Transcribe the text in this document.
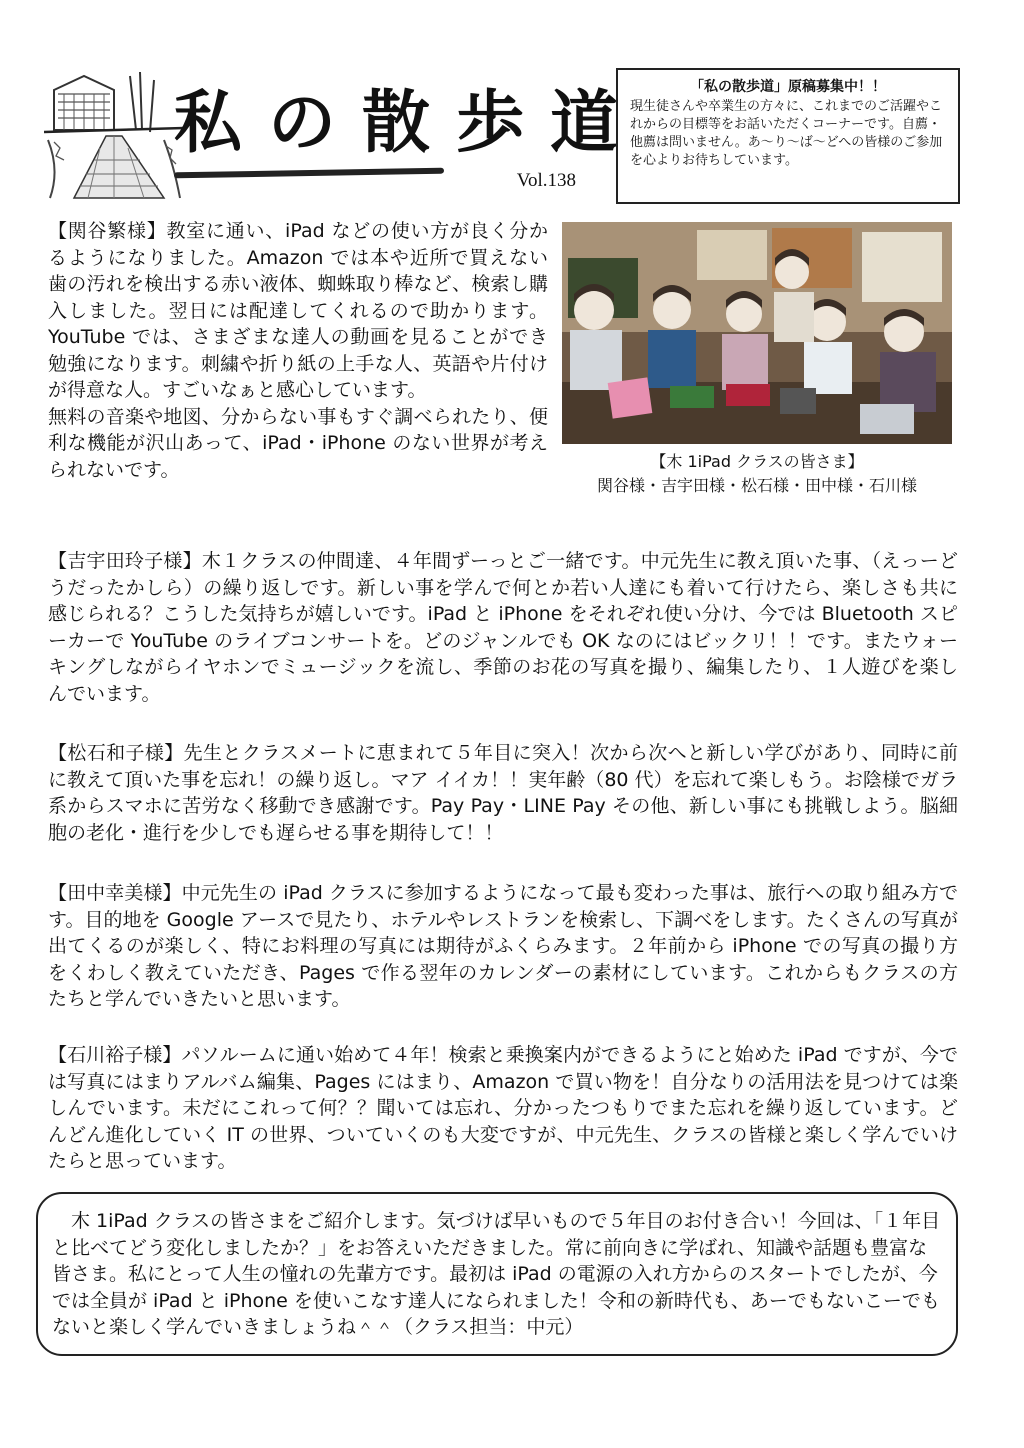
私の散歩道
Vol.138
「私の散歩道」原稿募集中！！
現生徒さんや卒業生の方々に、これまでのご活躍やこれからの目標等をお話いただくコーナーです。自薦・他薦は問いません。あ～り～ば～どへの皆様のご参加を心よりお待ちしています。
【関谷繁様】教室に通い、iPad などの使い方が良く分かるようになりました。Amazon では本や近所で買えない歯の汚れを検出する赤い液体、蜘蛛取り棒など、検索し購入しました。翌日には配達してくれるので助かります。YouTube では、さまざまな達人の動画を見ることができ勉強になります。刺繍や折り紙の上手な人、英語や片付けが得意な人。すごいなぁと感心しています。
無料の音楽や地図、分からない事もすぐ調べられたり、便利な機能が沢山あって、iPad・iPhone のない世界が考えられないです。	【木 1iPad クラスの皆さま】
関谷様・吉宇田様・松石様・田中様・石川様

【吉宇田玲子様】木１クラスの仲間達、４年間ずーっとご一緒です。中元先生に教え頂いた事、（えっーどうだったかしら）の繰り返しです。新しい事を学んで何とか若い人達にも着いて行けたら、楽しさも共に感じられる？こうした気持ちが嬉しいです。iPad と iPhone をそれぞれ使い分け、今では Bluetooth スピーカーで YouTube のライブコンサートを。どのジャンルでも OK なのにはビックリ！！です。またウォーキングしながらイヤホンでミュージックを流し、季節のお花の写真を撮り、編集したり、１人遊びを楽しんでいます。

【松石和子様】先生とクラスメートに恵まれて５年目に突入！次から次へと新しい学びがあり、同時に前に教えて頂いた事を忘れ！の繰り返し。マア イイカ！！実年齢（80 代）を忘れて楽しもう。お陰様でガラ系からスマホに苦労なく移動でき感謝です。Pay Pay・LINE Pay その他、新しい事にも挑戦しよう。脳細胞の老化・進行を少しでも遅らせる事を期待して！！

【田中幸美様】中元先生の iPad クラスに参加するようになって最も変わった事は、旅行への取り組み方です。目的地を Google アースで見たり、ホテルやレストランを検索し、下調べをします。たくさんの写真が出てくるのが楽しく、特にお料理の写真には期待がふくらみます。２年前から iPhone での写真の撮り方をくわしく教えていただき、Pages で作る翌年のカレンダーの素材にしています。これからもクラスの方たちと学んでいきたいと思います。

【石川裕子様】パソルームに通い始めて４年！検索と乗換案内ができるようにと始めた iPad ですが、今では写真にはまりアルバム編集、Pages にはまり、Amazon で買い物を！自分なりの活用法を見つけては楽しんでいます。未だにこれって何？？聞いては忘れ、分かったつもりでまた忘れを繰り返しています。どんどん進化していく IT の世界、ついていくのも大変ですが、中元先生、クラスの皆様と楽しく学んでいけたらと思っています。

木 1iPad クラスの皆さまをご紹介します。気づけば早いもので５年目のお付き合い！今回は、「１年目と比べてどう変化しましたか？」をお答えいただきました。常に前向きに学ばれ、知識や話題も豊富な皆さま。私にとって人生の憧れの先輩方です。最初は iPad の電源の入れ方からのスタートでしたが、今では全員が iPad と iPhone を使いこなす達人になられました！令和の新時代も、あーでもないこーでもないと楽しく学んでいきましょうね＾＾（クラス担当：中元）
